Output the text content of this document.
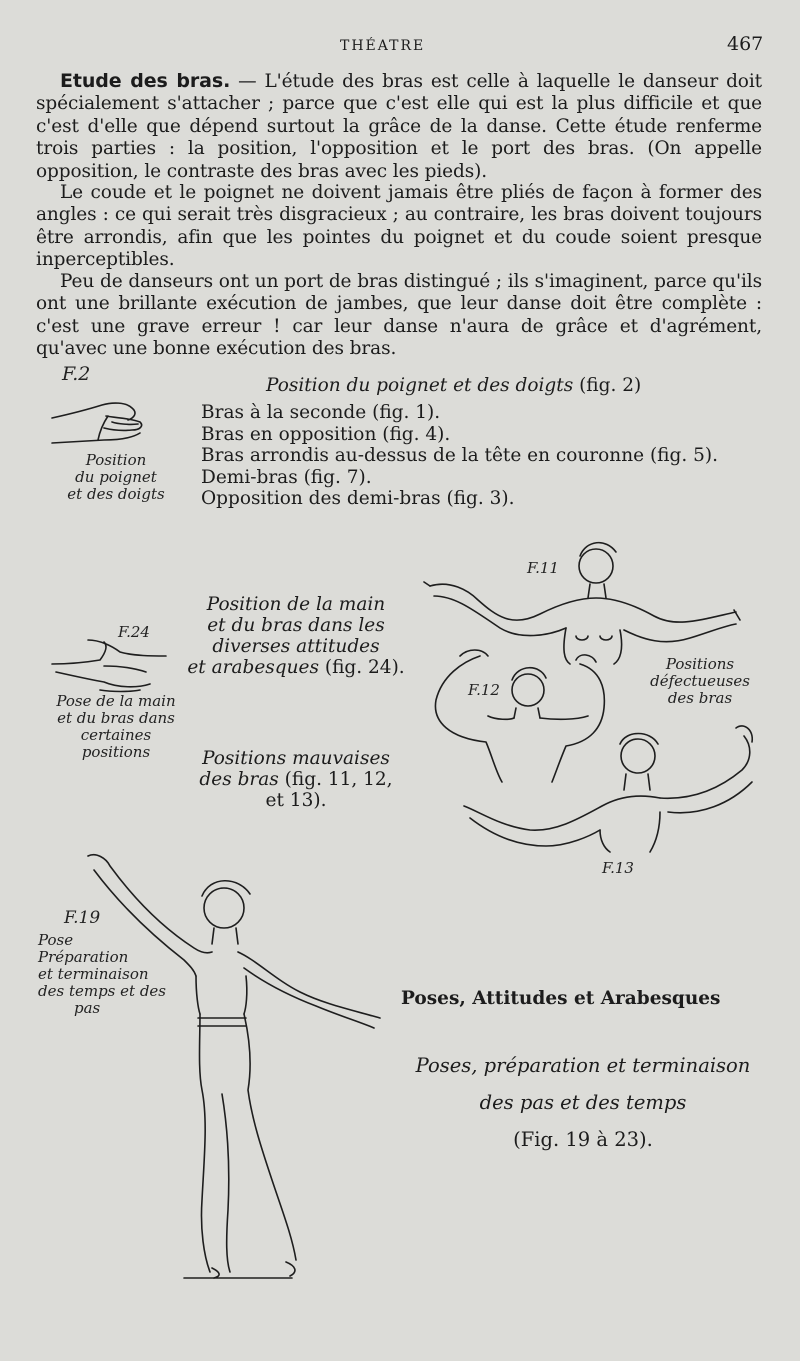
THÉATRE	467
Etude des bras. — L'étude des bras est celle à laquelle le danseur doit spécialement s'attacher ; parce que c'est elle qui est la plus difficile et que c'est d'elle que dépend surtout la grâce de la danse. Cette étude renferme trois parties : la position, l'opposition et le port des bras. (On appelle opposition, le contraste des bras avec les pieds).
Le coude et le poignet ne doivent jamais être pliés de façon à former des angles : ce qui serait très disgracieux ; au contraire, les bras doivent toujours être arrondis, afin que les pointes du poignet et du coude soient presque inperceptibles.
Peu de danseurs ont un port de bras distingué ; ils s'imaginent, parce qu'ils ont une brillante exécution de jambes, que leur danse doit être complète : c'est une grave erreur ! car leur danse n'aura de grâce et d'agrément, qu'avec une bonne exécution des bras.
Position du poignet et des doigts (fig. 2)
Bras à la seconde (fig. 1).
Bras en opposition (fig. 4).
Bras arrondis au-dessus de la tête en couronne (fig. 5).
Demi-bras (fig. 7).
Opposition des demi-bras (fig. 3).
F.2
Position
du poignet
et des doigts
Position de la main
et du bras dans les
diverses attitudes
et arabesques (fig. 24).
F.24
Pose de la main
et du bras dans
certaines
positions	Positions mauvaises
des bras (fig. 11, 12,
et 13).
F.11
F.12
F.13
Positions
défectueuses
des bras
F.19
Pose
Préparation
et terminaison
des temps et des
pas	Poses, Attitudes et Arabesques
Poses, préparation et terminaison
des pas et des temps
(Fig. 19 à 23).
